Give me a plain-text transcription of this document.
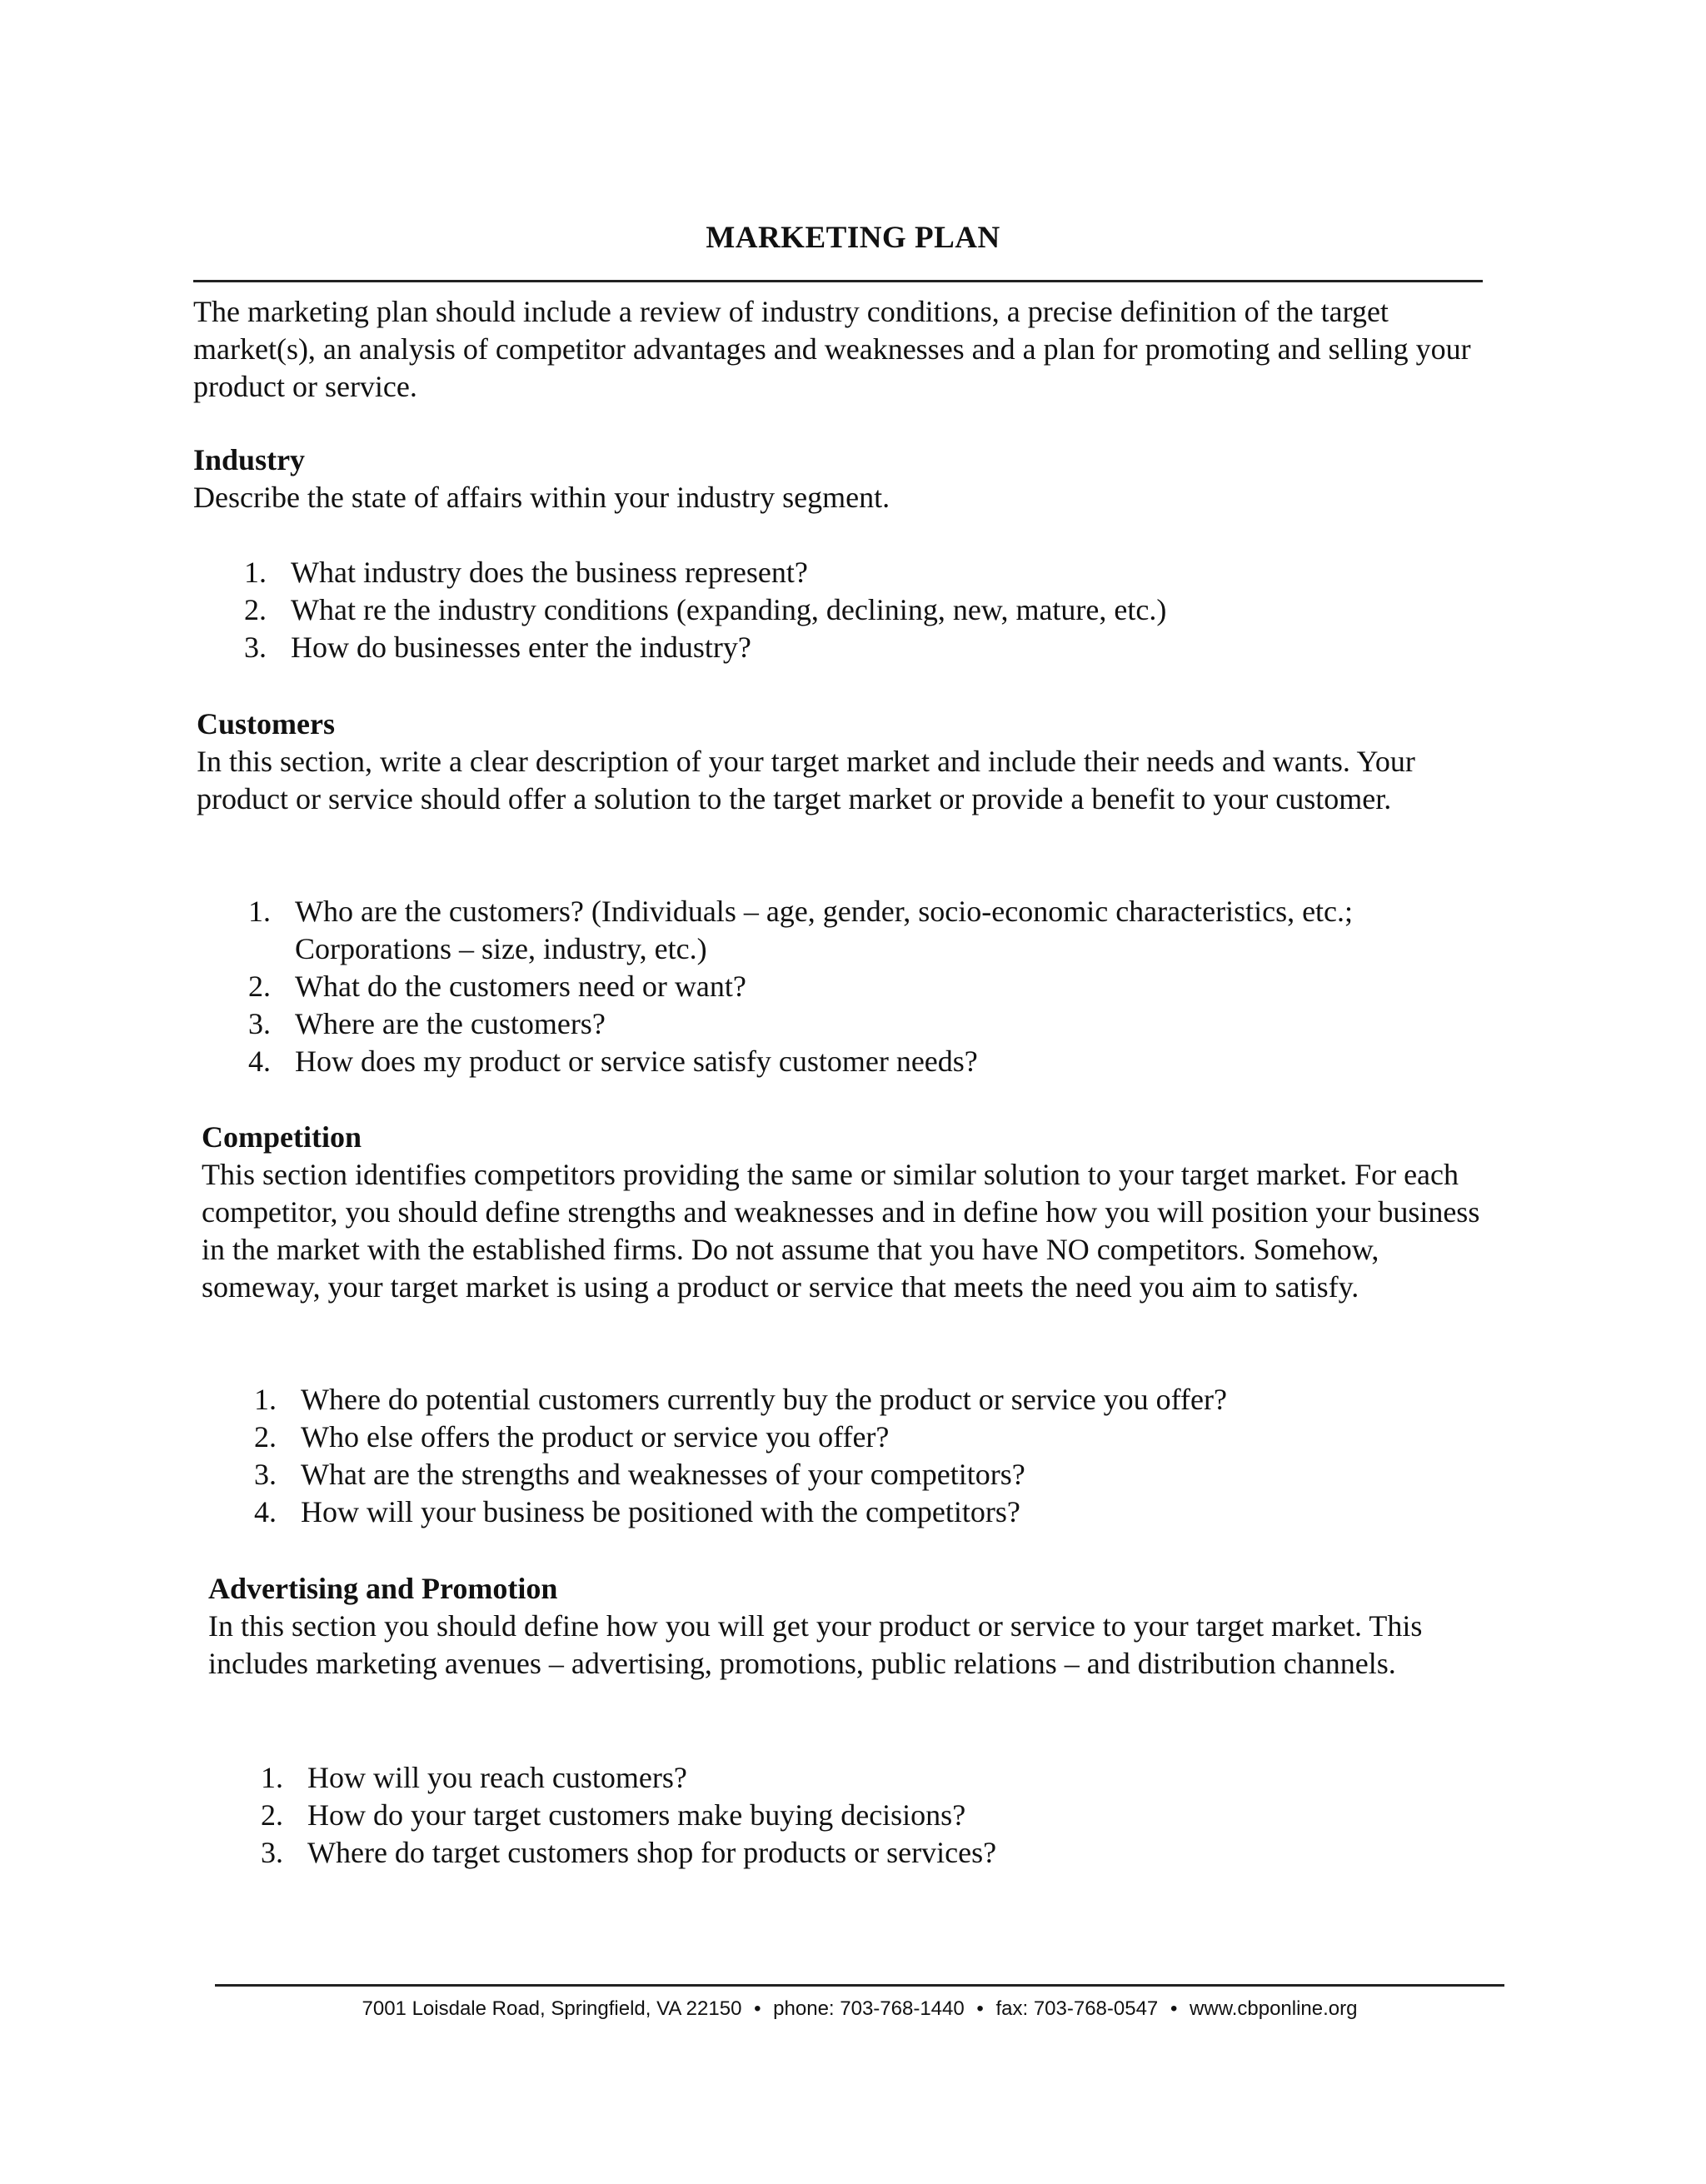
MARKETING PLAN

The marketing plan should include a review of industry conditions, a precise definition of the target market(s), an analysis of competitor advantages and weaknesses and a plan for promoting and selling your product or service.

Industry

Describe the state of affairs within your industry segment.

1. What industry does the business represent?
2. What re the industry conditions (expanding, declining, new, mature, etc.)
3. How do businesses enter the industry?
Customers

In this section, write a clear description of your target market and include their needs and wants. Your product or service should offer a solution to the target market or provide a benefit to your customer.

1. Who are the customers? (Individuals – age, gender, socio-economic characteristics, etc.; Corporations – size, industry, etc.)
2. What do the customers need or want?
3. Where are the customers?
4. How does my product or service satisfy customer needs?
Competition

This section identifies competitors providing the same or similar solution to your target market. For each competitor, you should define strengths and weaknesses and in define how you will position your business in the market with the established firms. Do not assume that you have NO competitors. Somehow, someway, your target market is using a product or service that meets the need you aim to satisfy.

1. Where do potential customers currently buy the product or service you offer?
2. Who else offers the product or service you offer?
3. What are the strengths and weaknesses of your competitors?
4. How will your business be positioned with the competitors?
Advertising and Promotion

In this section you should define how you will get your product or service to your target market. This includes marketing avenues – advertising, promotions, public relations – and distribution channels.

1. How will you reach customers?
2. How do your target customers make buying decisions?
3. Where do target customers shop for products or services?
7001 Loisdale Road, Springfield, VA 22150 • phone: 703-768-1440 • fax: 703-768-0547 • www.cbponline.org
